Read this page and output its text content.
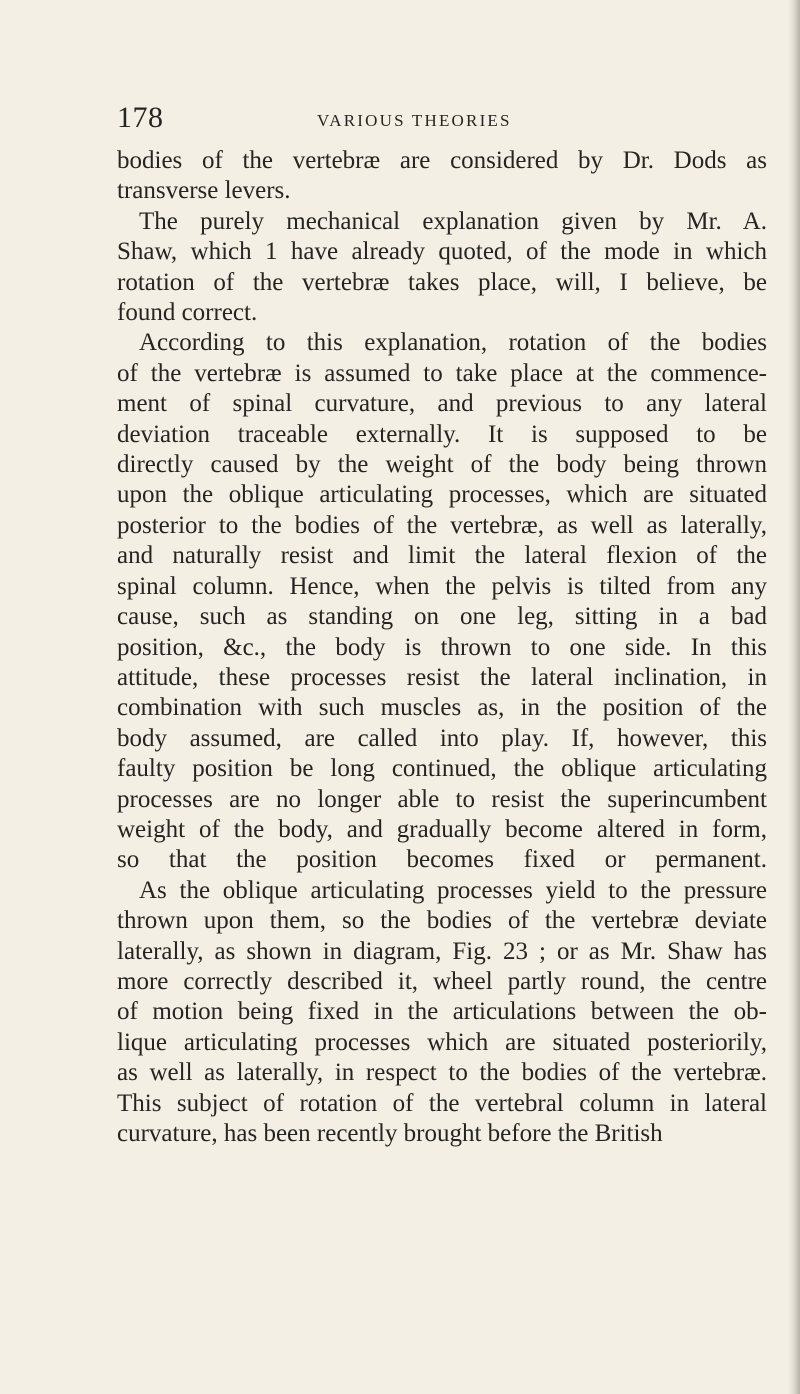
178	VARIOUS THEORIES

bodies of the vertebræ are considered by Dr. Dods as
transverse levers.

The purely mechanical explanation given by Mr. A.
Shaw, which 1 have already quoted, of the mode in which
rotation of the vertebræ takes place, will, I believe, be
found correct.

According to this explanation, rotation of the bodies
of the vertebræ is assumed to take place at the commence-
ment of spinal curvature, and previous to any lateral
deviation traceable externally. It is supposed to be
directly caused by the weight of the body being thrown
upon the oblique articulating processes, which are situated
posterior to the bodies of the vertebræ, as well as laterally,
and naturally resist and limit the lateral flexion of the
spinal column. Hence, when the pelvis is tilted from any
cause, such as standing on one leg, sitting in a bad
position, &c., the body is thrown to one side. In this
attitude, these processes resist the lateral inclination, in
combination with such muscles as, in the position of the
body assumed, are called into play. If, however, this
faulty position be long continued, the oblique articulating
processes are no longer able to resist the superincumbent
weight of the body, and gradually become altered in form,
so that the position becomes fixed or permanent.

As the oblique articulating processes yield to the pressure
thrown upon them, so the bodies of the vertebræ deviate
laterally, as shown in diagram, Fig. 23 ; or as Mr. Shaw has
more correctly described it, wheel partly round, the centre
of motion being fixed in the articulations between the ob-
lique articulating processes which are situated posteriorily,
as well as laterally, in respect to the bodies of the vertebræ.
This subject of rotation of the vertebral column in lateral
curvature, has been recently brought before the British
